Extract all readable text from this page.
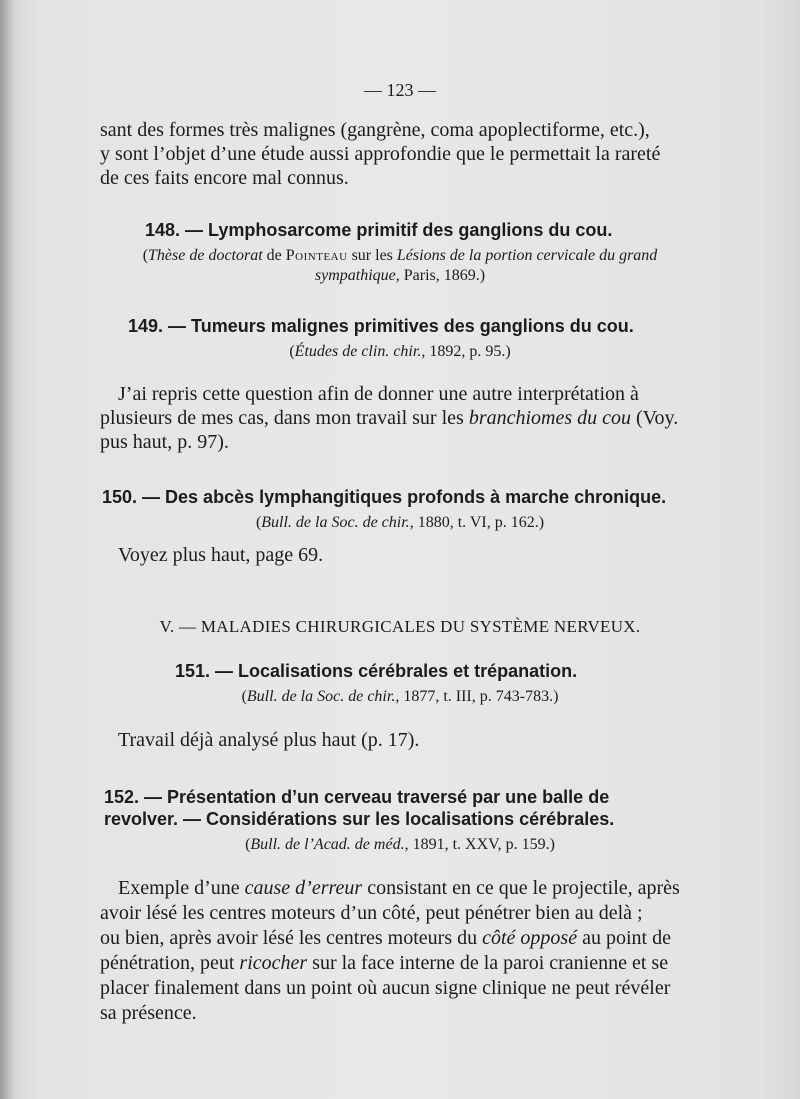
— 123 —
sant des formes très malignes (gangrène, coma apoplectiforme, etc.),
y sont l’objet d’une étude aussi approfondie que le permettait la rareté
de ces faits encore mal connus.
148. — Lymphosarcome primitif des ganglions du cou.
(Thèse de doctorat de Pointeau sur les Lésions de la portion cervicale du grand
sympathique, Paris, 1869.)
149. — Tumeurs malignes primitives des ganglions du cou.
(Études de clin. chir., 1892, p. 95.)
J’ai repris cette question afin de donner une autre interprétation à
plusieurs de mes cas, dans mon travail sur les branchiomes du cou (Voy.
pus haut, p. 97).
150. — Des abcès lymphangitiques profonds à marche chronique.
(Bull. de la Soc. de chir., 1880, t. VI, p. 162.)
Voyez plus haut, page 69.
V. — MALADIES CHIRURGICALES DU SYSTÈME NERVEUX.
151. — Localisations cérébrales et trépanation.
(Bull. de la Soc. de chir., 1877, t. III, p. 743-783.)
Travail déjà analysé plus haut (p. 17).
152. — Présentation d’un cerveau traversé par une balle de
revolver. — Considérations sur les localisations cérébrales.
(Bull. de l’Acad. de méd., 1891, t. XXV, p. 159.)
Exemple d’une cause d’erreur consistant en ce que le projectile, après
avoir lésé les centres moteurs d’un côté, peut pénétrer bien au delà ;
ou bien, après avoir lésé les centres moteurs du côté opposé au point de
pénétration, peut ricocher sur la face interne de la paroi cranienne et se
placer finalement dans un point où aucun signe clinique ne peut révéler
sa présence.
